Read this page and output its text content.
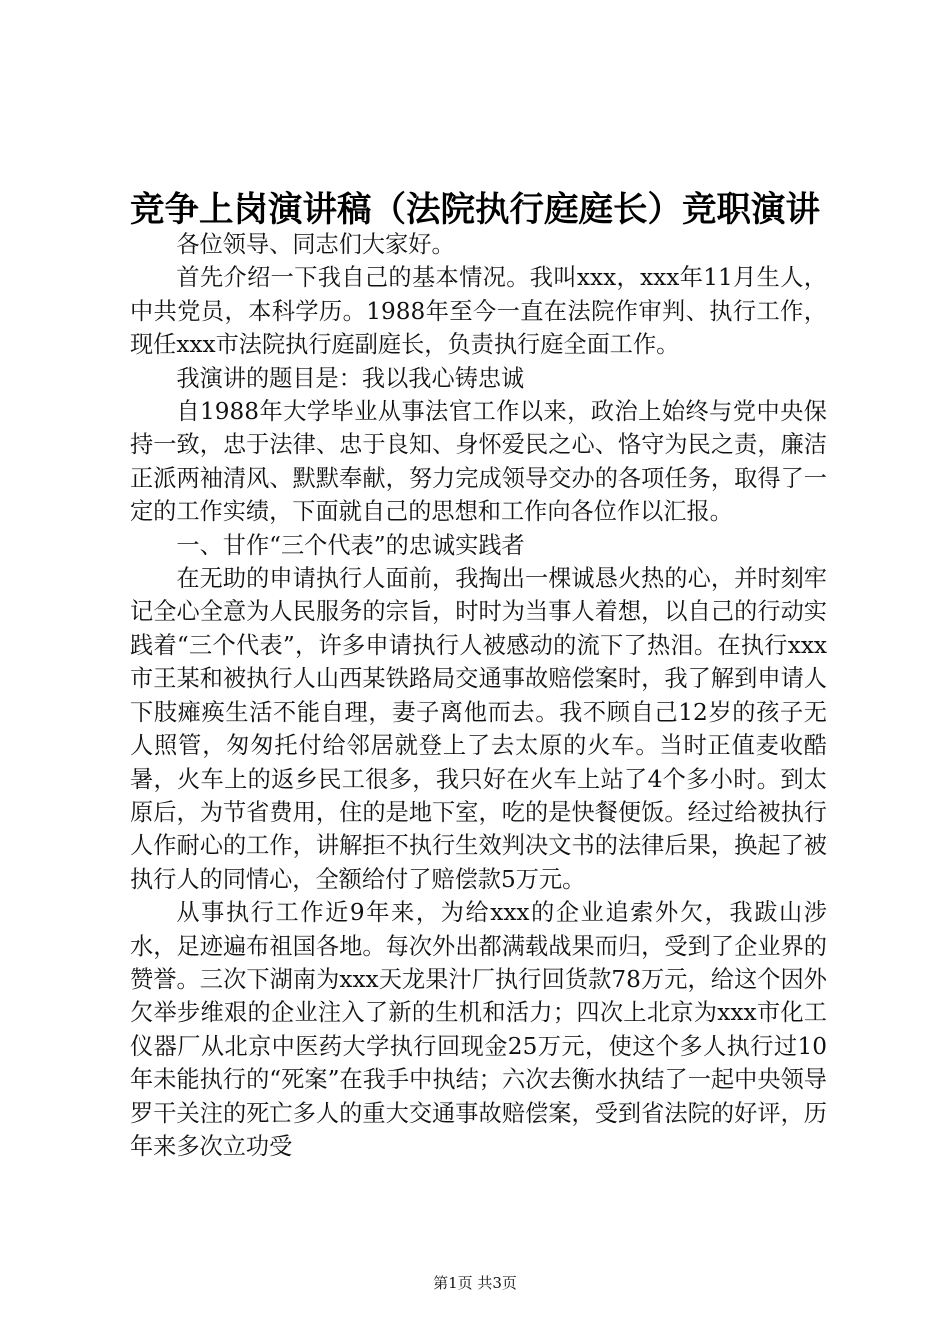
竞争上岗演讲稿（法院执行庭庭长）竞职演讲

各位领导、同志们大家好。

首先介绍一下我自己的基本情况。我叫xxx，xxx年11月生人，中共党员，本科学历。1988年至今一直在法院作审判、执行工作，现任xxx市法院执行庭副庭长，负责执行庭全面工作。

我演讲的题目是：我以我心铸忠诚

自1988年大学毕业从事法官工作以来，政治上始终与党中央保持一致，忠于法律、忠于良知、身怀爱民之心、恪守为民之责，廉洁正派两袖清风、默默奉献，努力完成领导交办的各项任务，取得了一定的工作实绩，下面就自己的思想和工作向各位作以汇报。

一、甘作“三个代表”的忠诚实践者

在无助的申请执行人面前，我掏出一棵诚恳火热的心，并时刻牢记全心全意为人民服务的宗旨，时时为当事人着想，以自己的行动实践着“三个代表”，许多申请执行人被感动的流下了热泪。在执行xxx市王某和被执行人山西某铁路局交通事故赔偿案时，我了解到申请人下肢瘫痪生活不能自理，妻子离他而去。我不顾自己12岁的孩子无人照管，匆匆托付给邻居就登上了去太原的火车。当时正值麦收酷暑，火车上的返乡民工很多，我只好在火车上站了4个多小时。到太原后，为节省费用，住的是地下室，吃的是快餐便饭。经过给被执行人作耐心的工作，讲解拒不执行生效判决文书的法律后果，换起了被执行人的同情心，全额给付了赔偿款5万元。

从事执行工作近9年来，为给xxx的企业追索外欠，我跋山涉水，足迹遍布祖国各地。每次外出都满载战果而归，受到了企业界的赞誉。三次下湖南为xxx天龙果汁厂执行回货款78万元，给这个因外欠举步维艰的企业注入了新的生机和活力；四次上北京为xxx市化工仪器厂从北京中医药大学执行回现金25万元，使这个多人执行过10年未能执行的“死案”在我手中执结；六次去衡水执结了一起中央领导罗干关注的死亡多人的重大交通事故赔偿案，受到省法院的好评，历年来多次立功受

第1页 共3页
